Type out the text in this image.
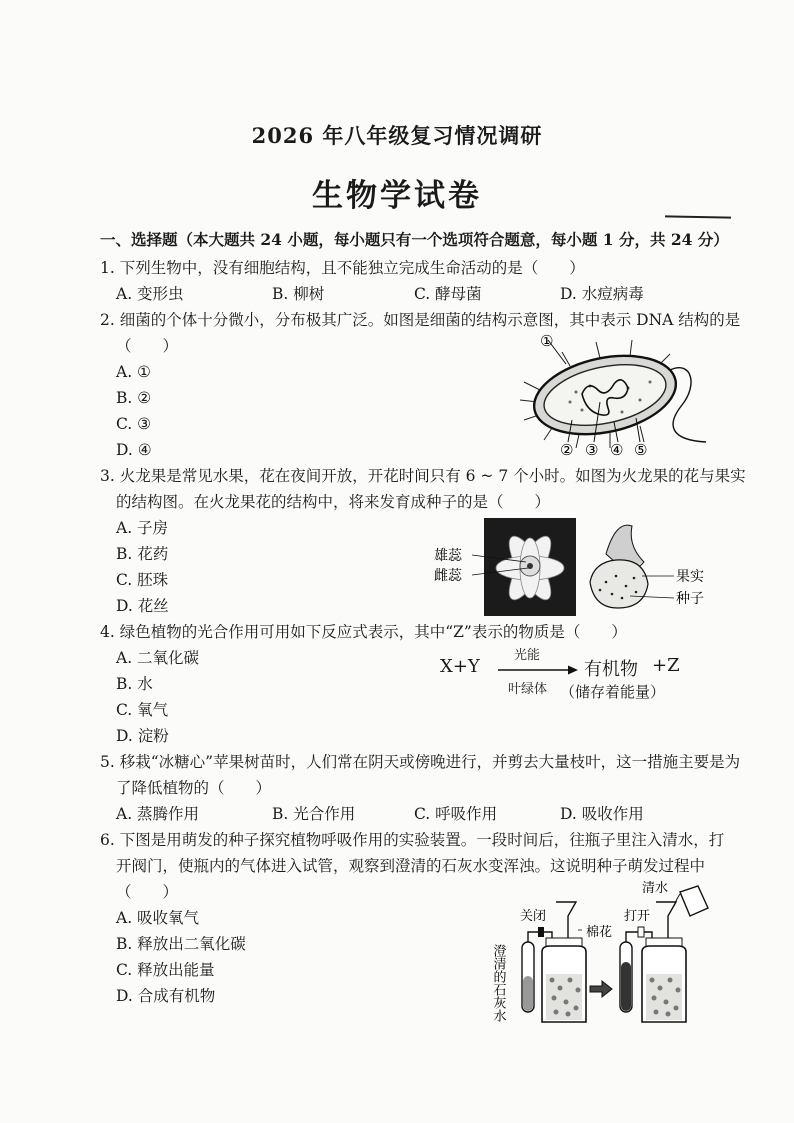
2026 年八年级复习情况调研
生物学试卷
一、选择题（本大题共 24 小题，每小题只有一个选项符合题意，每小题 1 分，共 24 分）
1. 下列生物中，没有细胞结构，且不能独立完成生命活动的是（　　）
A. 变形虫	B. 柳树	C. 酵母菌	D. 水痘病毒
2. 细菌的个体十分微小，分布极其广泛。如图是细菌的结构示意图，其中表示 DNA 结构的是
（　　）
A. ①
B. ②
C. ③
D. ④
①
② ③ ④ ⑤
3. 火龙果是常见水果，花在夜间开放，开花时间只有 6 ~ 7 个小时。如图为火龙果的花与果实
的结构图。在火龙果花的结构中，将来发育成种子的是（　　）
A. 子房
B. 花药
C. 胚珠
D. 花丝
雄蕊
雌蕊	果实
种子
4. 绿色植物的光合作用可用如下反应式表示，其中“Z”表示的物质是（　　）
A. 二氧化碳
B. 水
C. 氧气
D. 淀粉
X+Y
光能
叶绿体
有机物 +Z
（储存着能量）
5. 移栽“冰糖心”苹果树苗时，人们常在阴天或傍晚进行，并剪去大量枝叶，这一措施主要是为
了降低植物的（　　）
A. 蒸腾作用	B. 光合作用	C. 呼吸作用	D. 吸收作用
6. 下图是用萌发的种子探究植物呼吸作用的实验装置。一段时间后，往瓶子里注入清水，打
开阀门，使瓶内的气体进入试管，观察到澄清的石灰水变浑浊。这说明种子萌发过程中
（　　）
A. 吸收氧气
B. 释放出二氧化碳
C. 释放出能量
D. 合成有机物
关闭
棉花
澄清的石灰水
清水
打开
